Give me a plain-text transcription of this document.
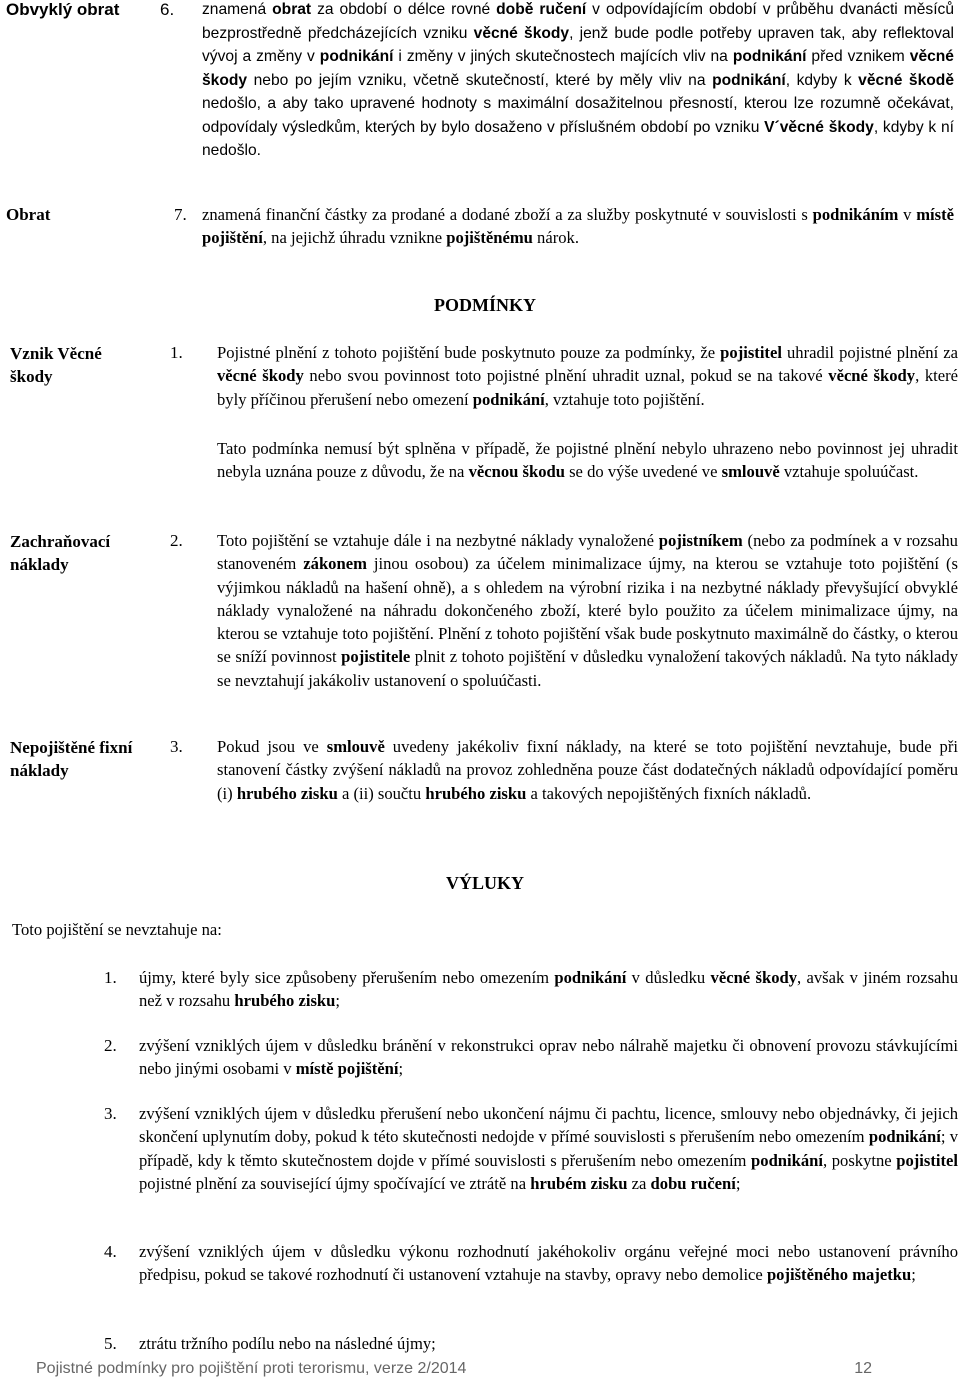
Obvyklý obrat 6. znamená obrat za období o délce rovné době ručení v odpovídajícím období v průběhu dvanácti měsíců bezprostředně předcházejících vzniku věcné škody, jenž bude podle potřeby upraven tak, aby reflektoval vývoj a změny v podnikání i změny v jiných skutečnostech majících vliv na podnikání před vznikem věcné škody nebo po jejím vzniku, včetně skutečností, které by měly vliv na podnikání, kdyby k věcné škodě nedošlo, a aby tako upravené hodnoty s maximální dosažitelnou přesností, kterou lze rozumně očekávat, odpovídaly výsledkům, kterých by bylo dosaženo v příslušném období po vzniku V´věcné škody, kdyby k ní nedošlo.
Obrat	7. znamená finanční částky za prodané a dodané zboží a za služby poskytnuté v souvislosti s podnikáním v místě pojištění, na jejichž úhradu vznikne pojištěnému nárok.
PODMÍNKY
Vznik Věcné škody
1. Pojistné plnění z tohoto pojištění bude poskytnuto pouze za podmínky, že pojistitel uhradil pojistné plnění za věcné škody nebo svou povinnost toto pojistné plnění uhradit uznal, pokud se na takové věcné škody, které byly příčinou přerušení nebo omezení podnikání, vztahuje toto pojištění.
Tato podmínka nemusí být splněna v případě, že pojistné plnění nebylo uhrazeno nebo povinnost jej uhradit nebyla uznána pouze z důvodu, že na věcnou škodu se do výše uvedené ve smlouvě vztahuje spoluúčast.
Zachraňovací náklady
2. Toto pojištění se vztahuje dále i na nezbytné náklady vynaložené pojistníkem (nebo za podmínek a v rozsahu stanoveném zákonem jinou osobou) za účelem minimalizace újmy, na kterou se vztahuje toto pojištění (s výjimkou nákladů na hašení ohně), a s ohledem na výrobní rizika i na nezbytné náklady převyšující obvyklé náklady vynaložené na náhradu dokončeného zboží, které bylo použito za účelem minimalizace újmy, na kterou se vztahuje toto pojištění. Plnění z tohoto pojištění však bude poskytnuto maximálně do částky, o kterou se sníží povinnost pojistitele plnit z tohoto pojištění v důsledku vynaložení takových nákladů. Na tyto náklady se nevztahují jakákoliv ustanovení o spoluúčasti.
Nepojištěné fixní náklady
3. Pokud jsou ve smlouvě uvedeny jakékoliv fixní náklady, na které se toto pojištění nevztahuje, bude při stanovení částky zvýšení nákladů na provoz zohledněna pouze část dodatečných nákladů odpovídající poměru (i) hrubého zisku a (ii) součtu hrubého zisku a takových nepojištěných fixních nákladů.
VÝLUKY
Toto pojištění se nevztahuje na:
1. újmy, které byly sice způsobeny přerušením nebo omezením podnikání v důsledku věcné škody, avšak v jiném rozsahu než v rozsahu hrubého zisku;
2. zvýšení vzniklých újem v důsledku bránění v rekonstrukci oprav nebo nálrahě majetku či obnovení provozu stávkujícími nebo jinými osobami v místě pojištění;
3. zvýšení vzniklých újem v důsledku přerušení nebo ukončení nájmu či pachtu, licence, smlouvy nebo objednávky, či jejich skončení uplynutím doby, pokud k této skutečnosti nedojde v přímé souvislosti s přerušením nebo omezením podnikání; v případě, kdy k těmto skutečnostem dojde v přímé souvislosti s přerušením nebo omezením podnikání, poskytne pojistitel pojistné plnění za související újmy spočívající ve ztrátě na hrubém zisku za dobu ručení;
4. zvýšení vzniklých újem v důsledku výkonu rozhodnutí jakéhokoliv orgánu veřejné moci nebo ustanovení právního předpisu, pokud se takové rozhodnutí či ustanovení vztahuje na stavby, opravy nebo demolice pojištěného majetku;
5. ztrátu tržního podílu nebo na následné újmy;
Pojistné podmínky pro pojištění proti terorismu, verze 2/2014	12
